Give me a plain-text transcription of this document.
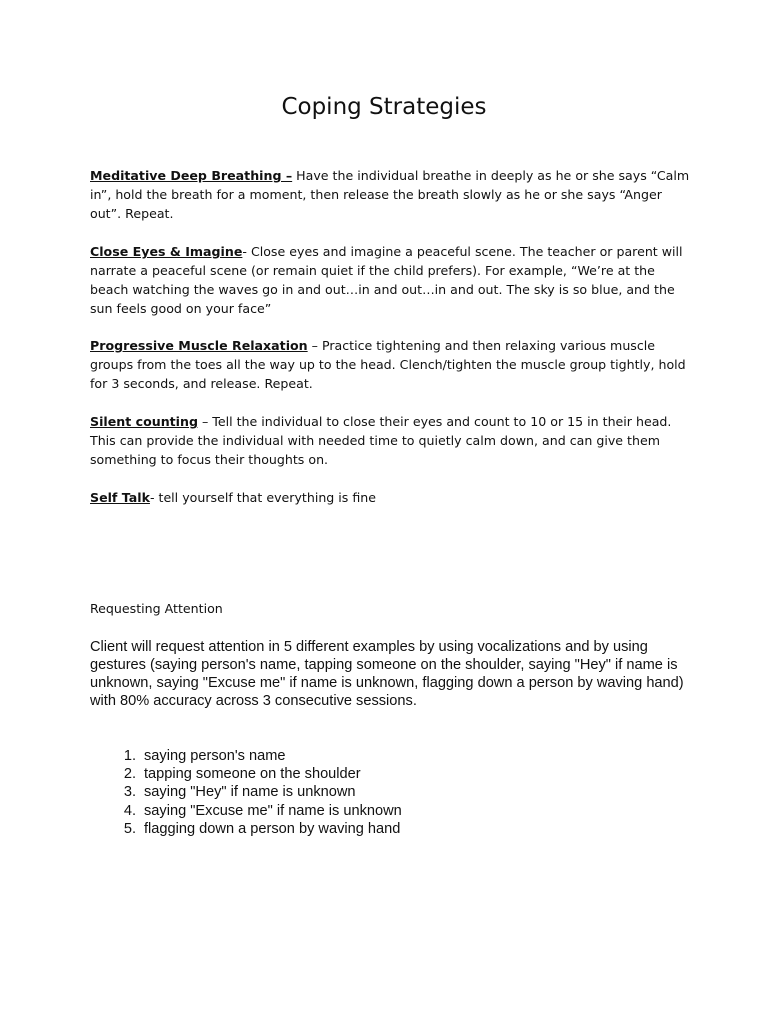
Coping Strategies

Meditative Deep Breathing – Have the individual breathe in deeply as he or she says “Calm in”, hold the breath for a moment, then release the breath slowly as he or she says “Anger out”. Repeat.

Close Eyes & Imagine- Close eyes and imagine a peaceful scene. The teacher or parent will narrate a peaceful scene (or remain quiet if the child prefers). For example, “We’re at the beach watching the waves go in and out…in and out…in and out. The sky is so blue, and the sun feels good on your face”

Progressive Muscle Relaxation – Practice tightening and then relaxing various muscle groups from the toes all the way up to the head. Clench/tighten the muscle group tightly, hold for 3 seconds, and release. Repeat.

Silent counting – Tell the individual to close their eyes and count to 10 or 15 in their head. This can provide the individual with needed time to quietly calm down, and can give them something to focus their thoughts on.

Self Talk- tell yourself that everything is fine

Requesting Attention

Client will request attention in 5 different examples by using vocalizations and by using gestures (saying person's name, tapping someone on the shoulder, saying "Hey" if name is unknown, saying "Excuse me" if name is unknown, flagging down a person by waving hand) with 80% accuracy across 3 consecutive sessions.

1. saying person's name
2. tapping someone on the shoulder
3. saying "Hey" if name is unknown
4. saying "Excuse me" if name is unknown
5. flagging down a person by waving hand
